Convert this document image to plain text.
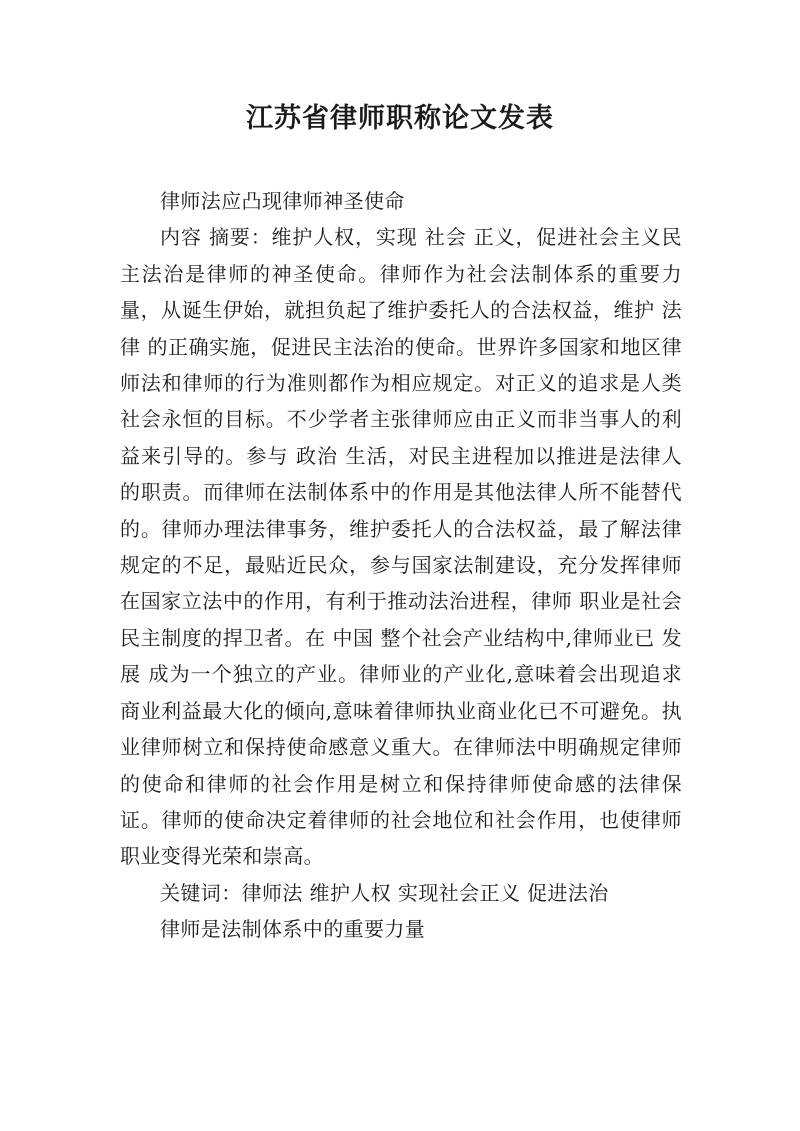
江苏省律师职称论文发表

律师法应凸现律师神圣使命

内容 摘要：维护人权，实现 社会 正义，促进社会主义民主法治是律师的神圣使命。律师作为社会法制体系的重要力量，从诞生伊始，就担负起了维护委托人的合法权益，维护 法律 的正确实施，促进民主法治的使命。世界许多国家和地区律师法和律师的行为准则都作为相应规定。对正义的追求是人类社会永恒的目标。不少学者主张律师应由正义而非当事人的利益来引导的。参与 政治 生活，对民主进程加以推进是法律人的职责。而律师在法制体系中的作用是其他法律人所不能替代的。律师办理法律事务，维护委托人的合法权益，最了解法律规定的不足，最贴近民众，参与国家法制建设，充分发挥律师在国家立法中的作用，有利于推动法治进程，律师 职业是社会民主制度的捍卫者。在 中国 整个社会产业结构中,律师业已 发展 成为一个独立的产业。律师业的产业化,意味着会出现追求商业利益最大化的倾向,意味着律师执业商业化已不可避免。执业律师树立和保持使命感意义重大。在律师法中明确规定律师的使命和律师的社会作用是树立和保持律师使命感的法律保证。律师的使命决定着律师的社会地位和社会作用，也使律师职业变得光荣和崇高。

关键词：律师法 维护人权 实现社会正义 促进法治

律师是法制体系中的重要力量
